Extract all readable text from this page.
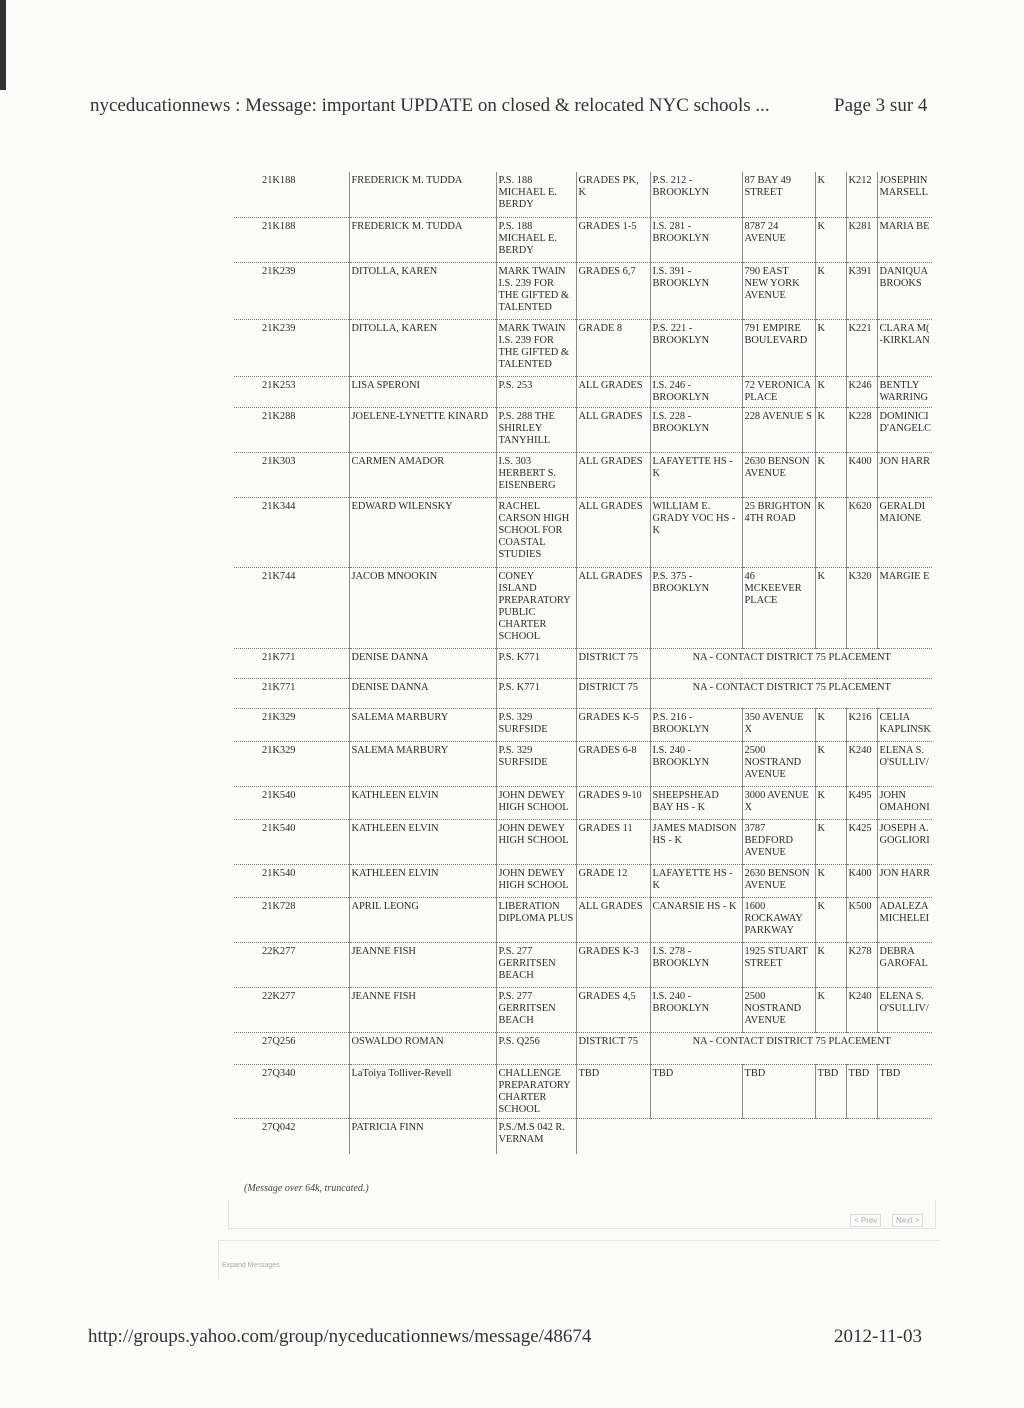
nyceducationnews : Message: important UPDATE on closed & relocated NYC schools ...	Page 3 sur 4
21K188	FREDERICK M. TUDDA	P.S. 188 MICHAEL E. BERDY	GRADES PK, K	P.S. 212 - BROOKLYN	87 BAY 49 STREET	K	K212	JOSEPHIN MARSELL
21K188	FREDERICK M. TUDDA	P.S. 188 MICHAEL E. BERDY	GRADES 1-5	I.S. 281 - BROOKLYN	8787 24 AVENUE	K	K281	MARIA BE
21K239	DITOLLA, KAREN	MARK TWAIN I.S. 239 FOR THE GIFTED & TALENTED	GRADES 6,7	I.S. 391 - BROOKLYN	790 EAST NEW YORK AVENUE	K	K391	DANIQUA BROOKS
21K239	DITOLLA, KAREN	MARK TWAIN I.S. 239 FOR THE GIFTED & TALENTED	GRADE 8	P.S. 221 - BROOKLYN	791 EMPIRE BOULEVARD	K	K221	CLARA M( -KIRKLAN
21K253	LISA SPERONI	P.S. 253	ALL GRADES	I.S. 246 - BROOKLYN	72 VERONICA PLACE	K	K246	BENTLY WARRING
21K288	JOELENE-LYNETTE KINARD	P.S. 288 THE SHIRLEY TANYHILL	ALL GRADES	I.S. 228 - BROOKLYN	228 AVENUE S	K	K228	DOMINICI D'ANGELC
21K303	CARMEN AMADOR	I.S. 303 HERBERT S. EISENBERG	ALL GRADES	LAFAYETTE HS - K	2630 BENSON AVENUE	K	K400	JON HARR
21K344	EDWARD WILENSKY	RACHEL CARSON HIGH SCHOOL FOR COASTAL STUDIES	ALL GRADES	WILLIAM E. GRADY VOC HS - K	25 BRIGHTON 4TH ROAD	K	K620	GERALDI MAIONE
21K744	JACOB MNOOKIN	CONEY ISLAND PREPARATORY PUBLIC CHARTER SCHOOL	ALL GRADES	P.S. 375 - BROOKLYN	46 MCKEEVER PLACE	K	K320	MARGIE E
21K771	DENISE DANNA	P.S. K771	DISTRICT 75	NA - CONTACT DISTRICT 75 PLACEMENT				
21K771	DENISE DANNA	P.S. K771	DISTRICT 75	NA - CONTACT DISTRICT 75 PLACEMENT				
21K329	SALEMA MARBURY	P.S. 329 SURFSIDE	GRADES K-5	P.S. 216 - BROOKLYN	350 AVENUE X	K	K216	CELIA KAPLINSK
21K329	SALEMA MARBURY	P.S. 329 SURFSIDE	GRADES 6-8	I.S. 240 - BROOKLYN	2500 NOSTRAND AVENUE	K	K240	ELENA S. O'SULLIV/
21K540	KATHLEEN ELVIN	JOHN DEWEY HIGH SCHOOL	GRADES 9-10	SHEEPSHEAD BAY HS - K	3000 AVENUE X	K	K495	JOHN OMAHONI
21K540	KATHLEEN ELVIN	JOHN DEWEY HIGH SCHOOL	GRADES 11	JAMES MADISON HS - K	3787 BEDFORD AVENUE	K	K425	JOSEPH A. GOGLIORI
21K540	KATHLEEN ELVIN	JOHN DEWEY HIGH SCHOOL	GRADE 12	LAFAYETTE HS - K	2630 BENSON AVENUE	K	K400	JON HARR
21K728	APRIL LEONG	LIBERATION DIPLOMA PLUS	ALL GRADES	CANARSIE HS - K	1600 ROCKAWAY PARKWAY	K	K500	ADALEZA MICHELEI
22K277	JEANNE FISH	P.S. 277 GERRITSEN BEACH	GRADES K-3	I.S. 278 - BROOKLYN	1925 STUART STREET	K	K278	DEBRA GAROFAL
22K277	JEANNE FISH	P.S. 277 GERRITSEN BEACH	GRADES 4,5	I.S. 240 - BROOKLYN	2500 NOSTRAND AVENUE	K	K240	ELENA S. O'SULLIV/
27Q256	OSWALDO ROMAN	P.S. Q256	DISTRICT 75	NA - CONTACT DISTRICT 75 PLACEMENT				
27Q340	LaToiya Tolliver-Revell	CHALLENGE PREPARATORY CHARTER SCHOOL	TBD	TBD	TBD	TBD	TBD	TBD
27Q042	PATRICIA FINN	P.S./M.S 042 R. VERNAM						
(Message over 64k, truncated.)
< Prev	Next >
Expand Messages
http://groups.yahoo.com/group/nyceducationnews/message/48674	2012-11-03
